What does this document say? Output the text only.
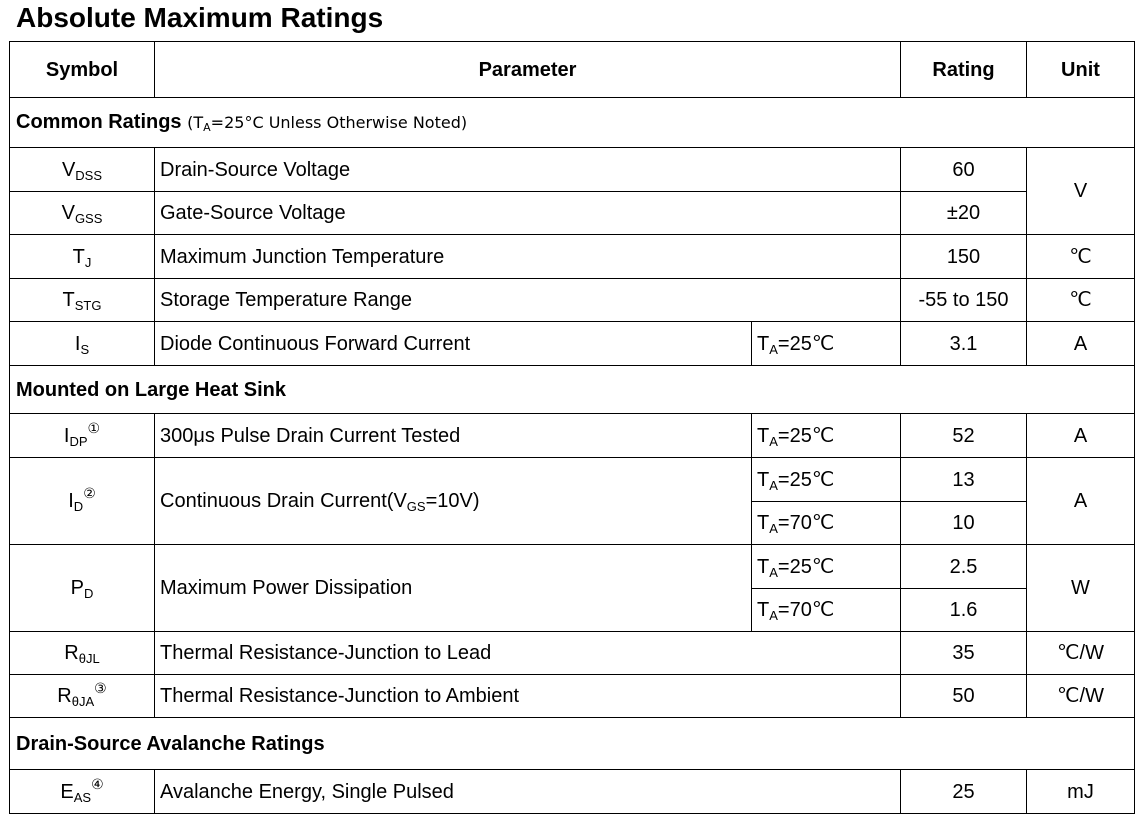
Absolute Maximum Ratings
Symbol	Parameter		Rating	Unit
Common Ratings ($T_A=25^\circ C$ Unless Otherwise Noted)				
$V_{DSS}$	Drain-Source Voltage		60	V
$V_{GSS}$	Gate-Source Voltage		±20	
$T_J$	Maximum Junction Temperature		150	℃
$T_{STG}$	Storage Temperature Range		-55 to 150	℃
$I_S$	Diode Continuous Forward Current	$T_A=25℃$	3.1	A
Mounted on Large Heat Sink				
$I_{DP}^①$	300μs Pulse Drain Current Tested	$T_A=25℃$	52	A
$I_D^②$	Continuous Drain $Current(V_{GS}=10V)$	$T_A=25℃$	13	A
		$T_A=70℃$	10	
$P_D$	Maximum Power Dissipation	$T_A=25℃$	2.5	W
		$T_A=70℃$	1.6	
$R_{\theta JL}$	Thermal Resistance-Junction to Lead		35	℃/W
$R_{\theta JA}^③$	Thermal Resistance-Junction to Ambient		50	℃/W
Drain-Source Avalanche Ratings				
$E_{AS}^④$	Avalanche Energy, Single Pulsed		25	mJ
